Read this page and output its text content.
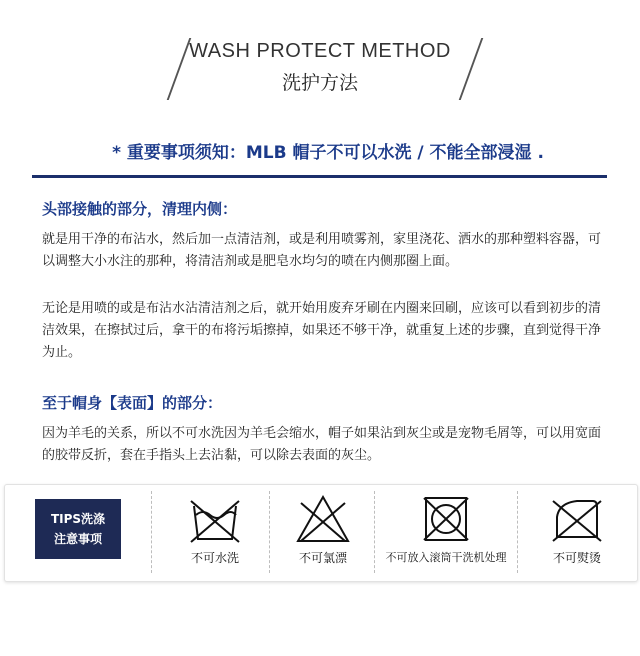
WASH PROTECT METHOD
洗护方法
* 重要事项须知：MLB 帽子不可以水洗 / 不能全部浸湿 .
头部接触的部分，清理内侧：
就是用干净的布沾水，然后加一点清洁剂，或是利用喷雾剂，家里浇花、洒水的那种塑料容器，可以调整大小水注的那种，将清洁剂或是肥皂水均匀的喷在内侧那圈上面。
无论是用喷的或是布沾水沾清洁剂之后，就开始用废弃牙刷在内圈来回刷，应该可以看到初步的清洁效果，在擦拭过后，拿干的布将污垢擦掉，如果还不够干净，就重复上述的步骤，直到觉得干净为止。
至于帽身【表面】的部分：
因为羊毛的关系，所以不可水洗因为羊毛会缩水，帽子如果沾到灰尘或是宠物毛屑等，可以用宽面的胶带反折，套在手指头上去沾黏，可以除去表面的灰尘。
TIPS洗涤
注意事项
不可水洗	不可氯漂	不可放入滚筒干洗机处理	不可熨烫
